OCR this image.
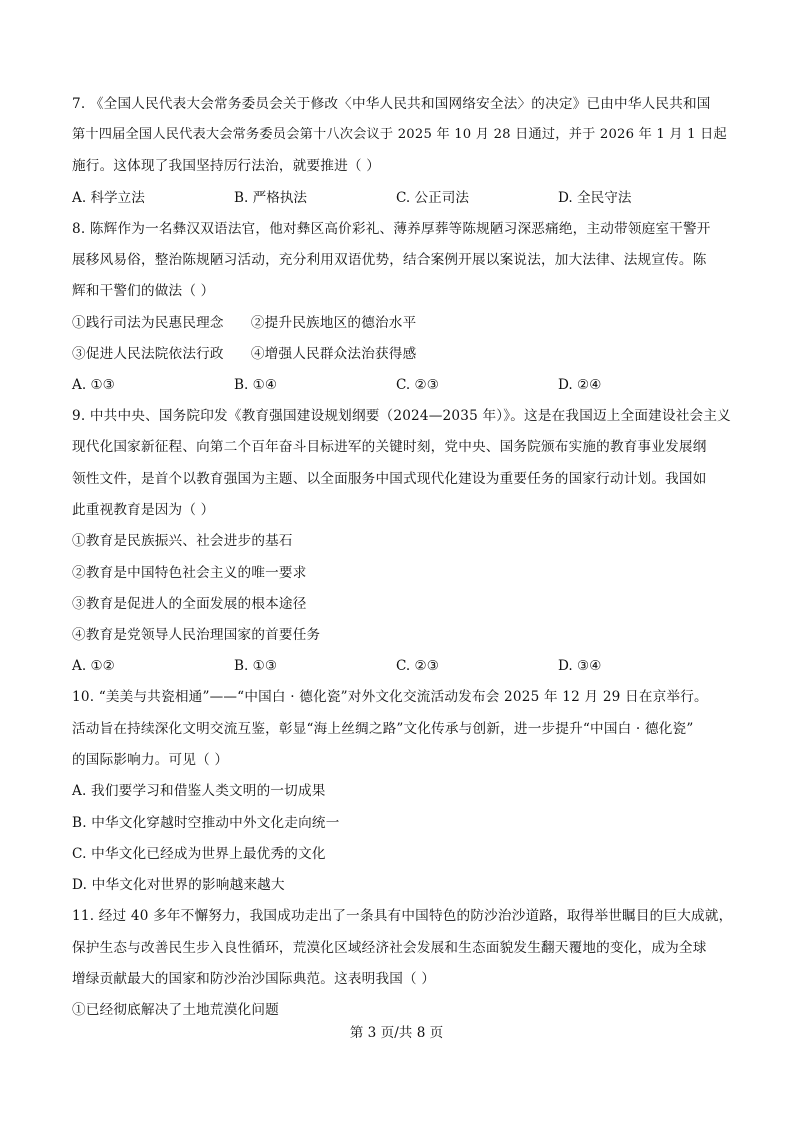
7. 《全国人民代表大会常务委员会关于修改〈中华人民共和国网络安全法〉的决定》已由中华人民共和国
第十四届全国人民代表大会常务委员会第十八次会议于 2025 年 10 月 28 日通过，并于 2026 年 1 月 1 日起
施行。这体现了我国坚持厉行法治，就要推进（ ）
A. 科学立法	B. 严格执法	C. 公正司法	D. 全民守法
8. 陈辉作为一名彝汉双语法官，他对彝区高价彩礼、薄养厚葬等陈规陋习深恶痛绝，主动带领庭室干警开
展移风易俗，整治陈规陋习活动，充分利用双语优势，结合案例开展以案说法，加大法律、法规宣传。陈
辉和干警们的做法（ ）
①践行司法为民惠民理念      ②提升民族地区的德治水平
③促进人民法院依法行政      ④增强人民群众法治获得感
A. ①③	B. ①④	C. ②③	D. ②④
9. 中共中央、国务院印发《教育强国建设规划纲要（2024—2035 年）》。这是在我国迈上全面建设社会主义
现代化国家新征程、向第二个百年奋斗目标进军的关键时刻，党中央、国务院颁布实施的教育事业发展纲
领性文件，是首个以教育强国为主题、以全面服务中国式现代化建设为重要任务的国家行动计划。我国如
此重视教育是因为（ ）
①教育是民族振兴、社会进步的基石
②教育是中国特色社会主义的唯一要求
③教育是促进人的全面发展的根本途径
④教育是党领导人民治理国家的首要任务
A. ①②	B. ①③	C. ②③	D. ③④
10. “美美与共瓷相通”——“中国白 · 德化瓷”对外文化交流活动发布会 2025 年 12 月 29 日在京举行。
活动旨在持续深化文明交流互鉴，彰显“海上丝绸之路”文化传承与创新，进一步提升“中国白 · 德化瓷”
的国际影响力。可见（ ）
A. 我们要学习和借鉴人类文明的一切成果
B. 中华文化穿越时空推动中外文化走向统一
C. 中华文化已经成为世界上最优秀的文化
D. 中华文化对世界的影响越来越大
11. 经过 40 多年不懈努力，我国成功走出了一条具有中国特色的防沙治沙道路，取得举世瞩目的巨大成就，
保护生态与改善民生步入良性循环，荒漠化区域经济社会发展和生态面貌发生翻天覆地的变化，成为全球
增绿贡献最大的国家和防沙治沙国际典范。这表明我国（ ）
①已经彻底解决了土地荒漠化问题
第 3 页/共 8 页
